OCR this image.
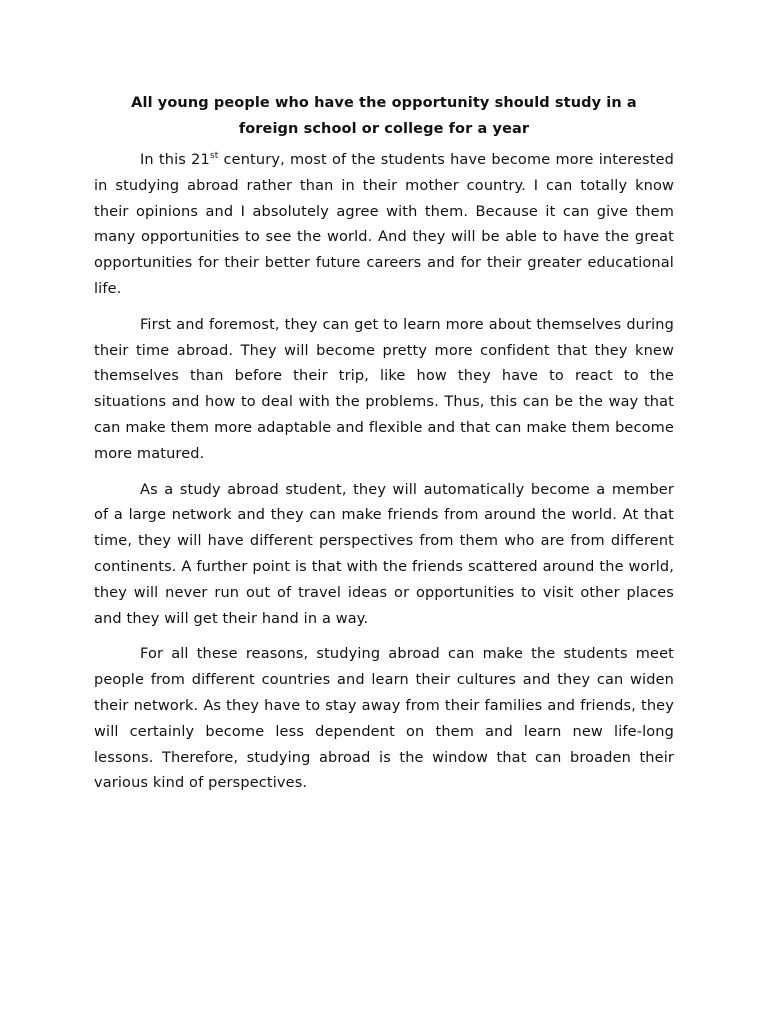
All young people who have the opportunity should study in a
foreign school or college for a year

In this 21st century, most of the students have become more interested in studying abroad rather than in their mother country. I can totally know their opinions and I absolutely agree with them. Because it can give them many opportunities to see the world. And they will be able to have the great opportunities for their better future careers and for their greater educational life.

First and foremost, they can get to learn more about themselves during their time abroad. They will become pretty more confident that they knew themselves than before their trip, like how they have to react to the situations and how to deal with the problems. Thus, this can be the way that can make them more adaptable and flexible and that can make them become more matured.

As a study abroad student, they will automatically become a member of a large network and they can make friends from around the world. At that time, they will have different perspectives from them who are from different continents. A further point is that with the friends scattered around the world, they will never run out of travel ideas or opportunities to visit other places and they will get their hand in a way.

For all these reasons, studying abroad can make the students meet people from different countries and learn their cultures and they can widen their network. As they have to stay away from their families and friends, they will certainly become less dependent on them and learn new life-long lessons. Therefore, studying abroad is the window that can broaden their various kind of perspectives.
